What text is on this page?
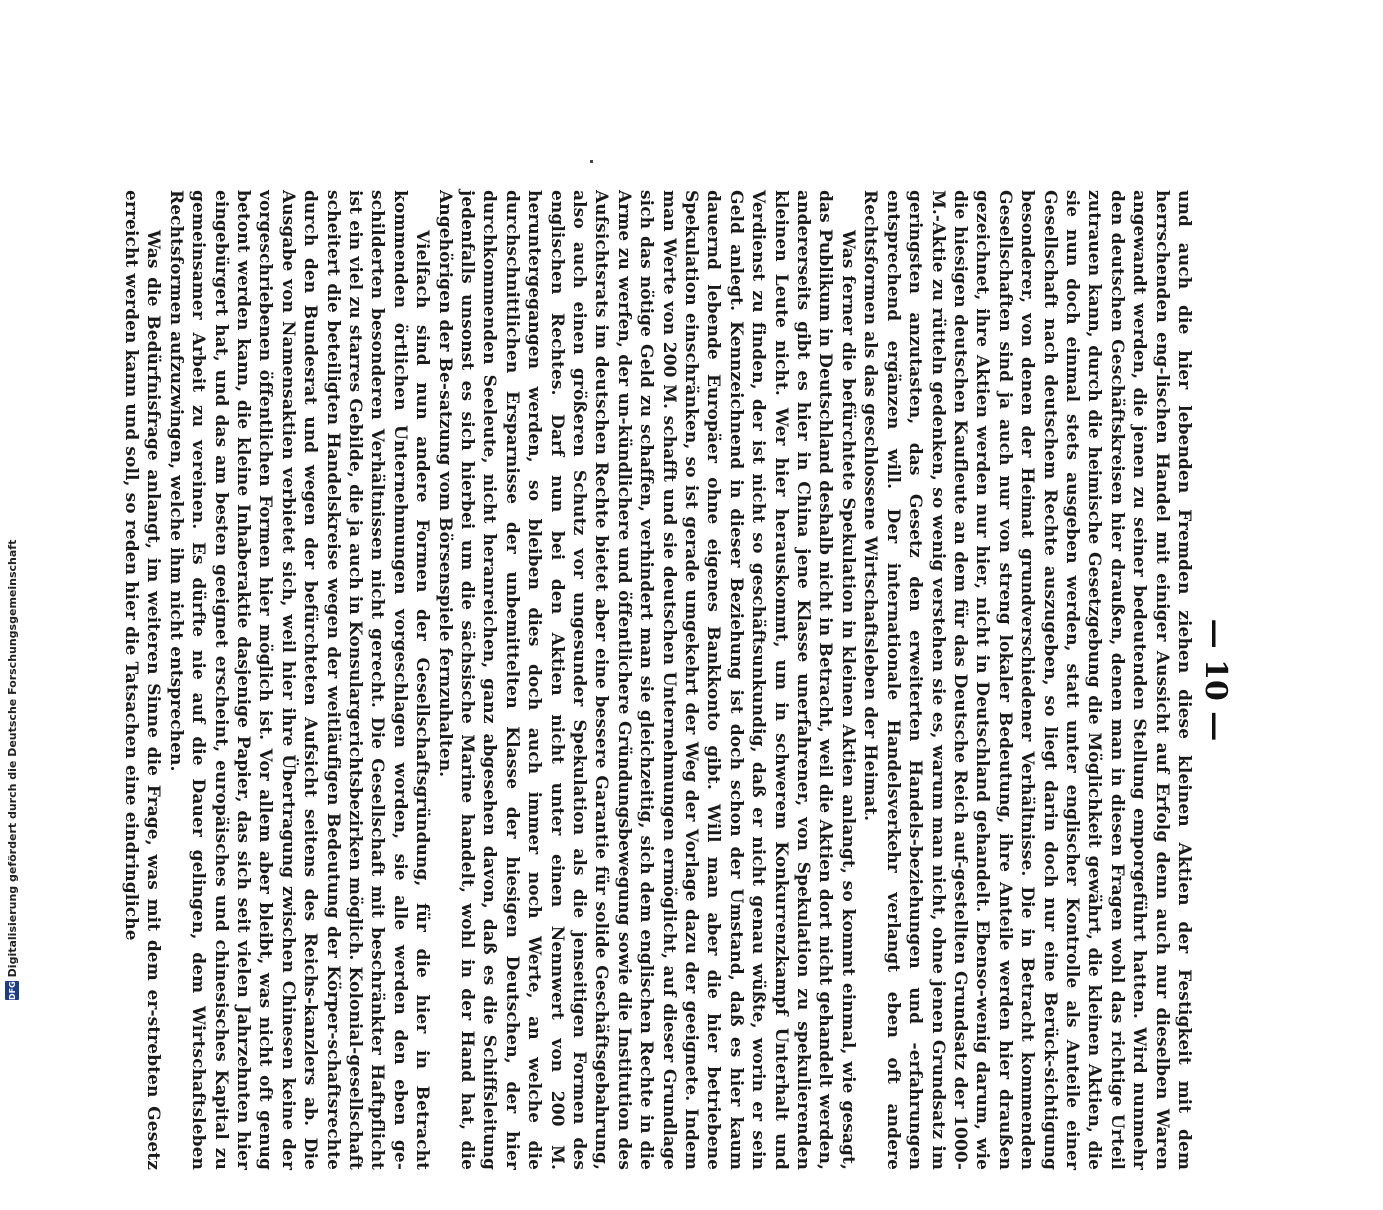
— 10 —

und auch die hier lebenden Fremden ziehen diese kleinen Aktien der Festigkeit mit dem herrschenden eng-lischen Handel mit einiger Aussicht auf Erfolg denn auch nur dieselben Waren angewandt werden, die jenen zu seiner bedeutenden Stellung emporgeführt hatten. Wird nunmehr den deutschen Geschäftskreisen hier draußen, denen man in diesen Fragen wohl das richtige Urteil zutrauen kann, durch die heimische Gesetzgebung die Möglichkeit gewährt, die kleinen Aktien, die sie nun doch einmal stets ausgeben werden, statt unter englischer Kontrolle als Anteile einer Gesellschaft nach deutschem Rechte auszugeben, so liegt darin doch nur eine Berück-sichtigung besonderer, von denen der Heimat grundverschiedener Verhältnisse. Die in Betracht kommenden Gesellschaften sind ja auch nur von streng lokaler Bedeutung, ihre Anteile werden hier draußen gezeichnet, ihre Aktien werden nur hier, nicht in Deutschland gehandelt. Ebenso-wenig darum, wie die hiesigen deutschen Kaufleute an dem für das Deutsche Reich auf-gestellten Grundsatz der 1000-M.-Aktie zu rütteln gedenken, so wenig verstehen sie es, warum man nicht, ohne jenen Grundsatz im geringsten anzutasten, das Gesetz den erweiterten Handels-beziehungen und -erfahrungen entsprechend ergänzen will. Der internationale Handelsverkehr verlangt eben oft andere Rechtsformen als das geschlossene Wirtschaftsleben der Heimat.

Was ferner die befürchtete Spekulation in kleinen Aktien anlangt, so kommt einmal, wie gesagt, das Publikum in Deutschland deshalb nicht in Betracht, weil die Aktien dort nicht gehandelt werden, andererseits gibt es hier in China jene Klasse unerfahrener, von Spekulation zu spekulierenden kleinen Leute nicht. Wer hier herauskommt, um in schwerem Konkurrenzkampf Unterhalt und Verdienst zu finden, der ist nicht so geschäftsunkundig, daß er nicht genau wüßte, worin er sein Geld anlegt. Kennzeichnend in dieser Beziehung ist doch schon der Umstand, daß es hier kaum dauernd lebende Europäer ohne eigenes Bankkonto gibt. Will man aber die hier betriebene Spekulation einschränken, so ist gerade umgekehrt der Weg der Vorlage dazu der geeignete. Indem man Werte von 200 M. schafft und sie deutschen Unternehmungen ermöglicht, auf dieser Grundlage sich das nötige Geld zu schaffen, verhindert man sie gleichzeitig, sich dem englischen Rechte in die Arme zu werfen, der un-kündlichere und öffentlichere Gründungsbewegung sowie die Institution des Aufsichtsrats im deutschen Rechte bietet aber eine bessere Garantie für solide Geschäftsgebahrung, also auch einen größeren Schutz vor ungesunder Spekulation als die jenseitigen Formen des englischen Rechtes. Darf nun bei den Aktien nicht unter einen Nennwert von 200 M. heruntergegangen werden, so bleiben dies doch auch immer noch Werte, an welche die durchschnittlichen Ersparnisse der unbemittelten Klasse der hiesigen Deutschen, der hier durchkommenden Seeleute, nicht heranreichen, ganz abgesehen davon, daß es die Schiffsleitung jedenfalls unsonst es sich hierbei um die sächsische Marine handelt, wohl in der Hand hat, die Angehörigen der Be-satzung vom Börsenspiele fernzuhalten.

Vielfach sind nun andere Formen der Gesellschaftsgründung, für die hier in Betracht kommenden örtlichen Unternehmungen vorgeschlagen worden, sie alle werden den eben ge-schilderten besonderen Verhältnissen nicht gerecht. Die Gesellschaft mit beschränkter Haftpflicht ist ein viel zu starres Gebilde, die ja auch in Konsulargerichtsbezirken möglich. Kolonial-gesellschaft scheitert die beteiligten Handelskreise wegen der weitläufigen Bedeutung der Körper-schaftsrechte durch den Bundesrat und wegen der befürchteten Aufsicht seitens des Reichs-kanzlers ab. Die Ausgabe von Namensaktien verbietet sich, weil hier ihre Übertragung zwischen Chinesen keine der vorgeschriebenen öffentlichen Formen hier möglich ist. Vor allem aber bleibt, was nicht oft genug betont werden kann, die kleine Inhaberaktie dasjenige Papier, das sich seit vielen Jahrzehnten hier eingebürgert hat, und das am besten geeignet erscheint, europäisches und chinesisches Kapital zu gemeinsamer Arbeit zu vereinen. Es dürfte nie auf die Dauer gelingen, dem Wirtschaftsleben Rechtsformen aufzuzwingen, welche ihm nicht entsprechen.

Was die Bedürfnisfrage anlangt, im weiteren Sinne die Frage, was mit dem er-strebten Gesetz erreicht werden kann und soll, so reden hier die Tatsachen eine eindringliche

DFG
Digitalisierung gefördert durch die Deutsche Forschungsgemeinschaft
